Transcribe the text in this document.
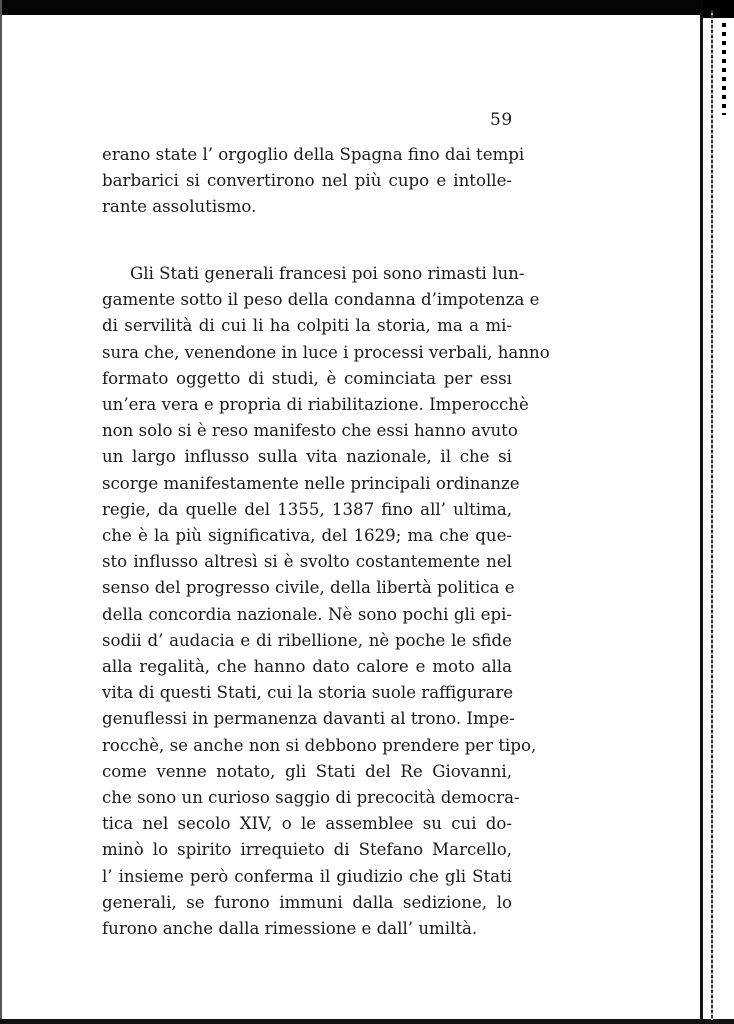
59
erano state l’ orgoglio della Spagna fino dai tempi
barbarici si convertirono nel più cupo e intolle-
rante assolutismo.
Gli Stati generali francesi poi sono rimasti lun-
gamente sotto il peso della condanna d’impotenza e
di servilità di cui li ha colpiti la storia, ma a mi-
sura che, venendone in luce i processi verbali, hanno
formato oggetto di studi, è cominciata per essı
un’era vera e propria di riabilitazione. Imperocchè
non solo si è reso manifesto che essi hanno avuto
un largo influsso sulla vita nazionale, il che si
scorge manifestamente nelle principali ordinanze
regie, da quelle del 1355, 1387 fino all’ ultima,
che è la più significativa, del 1629; ma che que-
sto influsso altresì si è svolto costantemente nel
senso del progresso civile, della libertà politica e
della concordia nazionale. Nè sono pochi gli epi-
sodii d’ audacia e di ribellione, nè poche le sfide
alla regalità, che hanno dato calore e moto alla
vita di questi Stati, cui la storia suole raffigurare
genuflessi in permanenza davanti al trono. Impe-
rocchè, se anche non si debbono prendere per tipo,
come venne notato, gli Stati del Re Giovanni,
che sono un curioso saggio di precocità democra-
tica nel secolo XIV, o le assemblee su cui do-
minò lo spirito irrequieto di Stefano Marcello,
l’ insieme però conferma il giudizio che gli Stati
generali, se furono immuni dalla sedizione, lo
furono anche dalla rimessione e dall’ umiltà.
